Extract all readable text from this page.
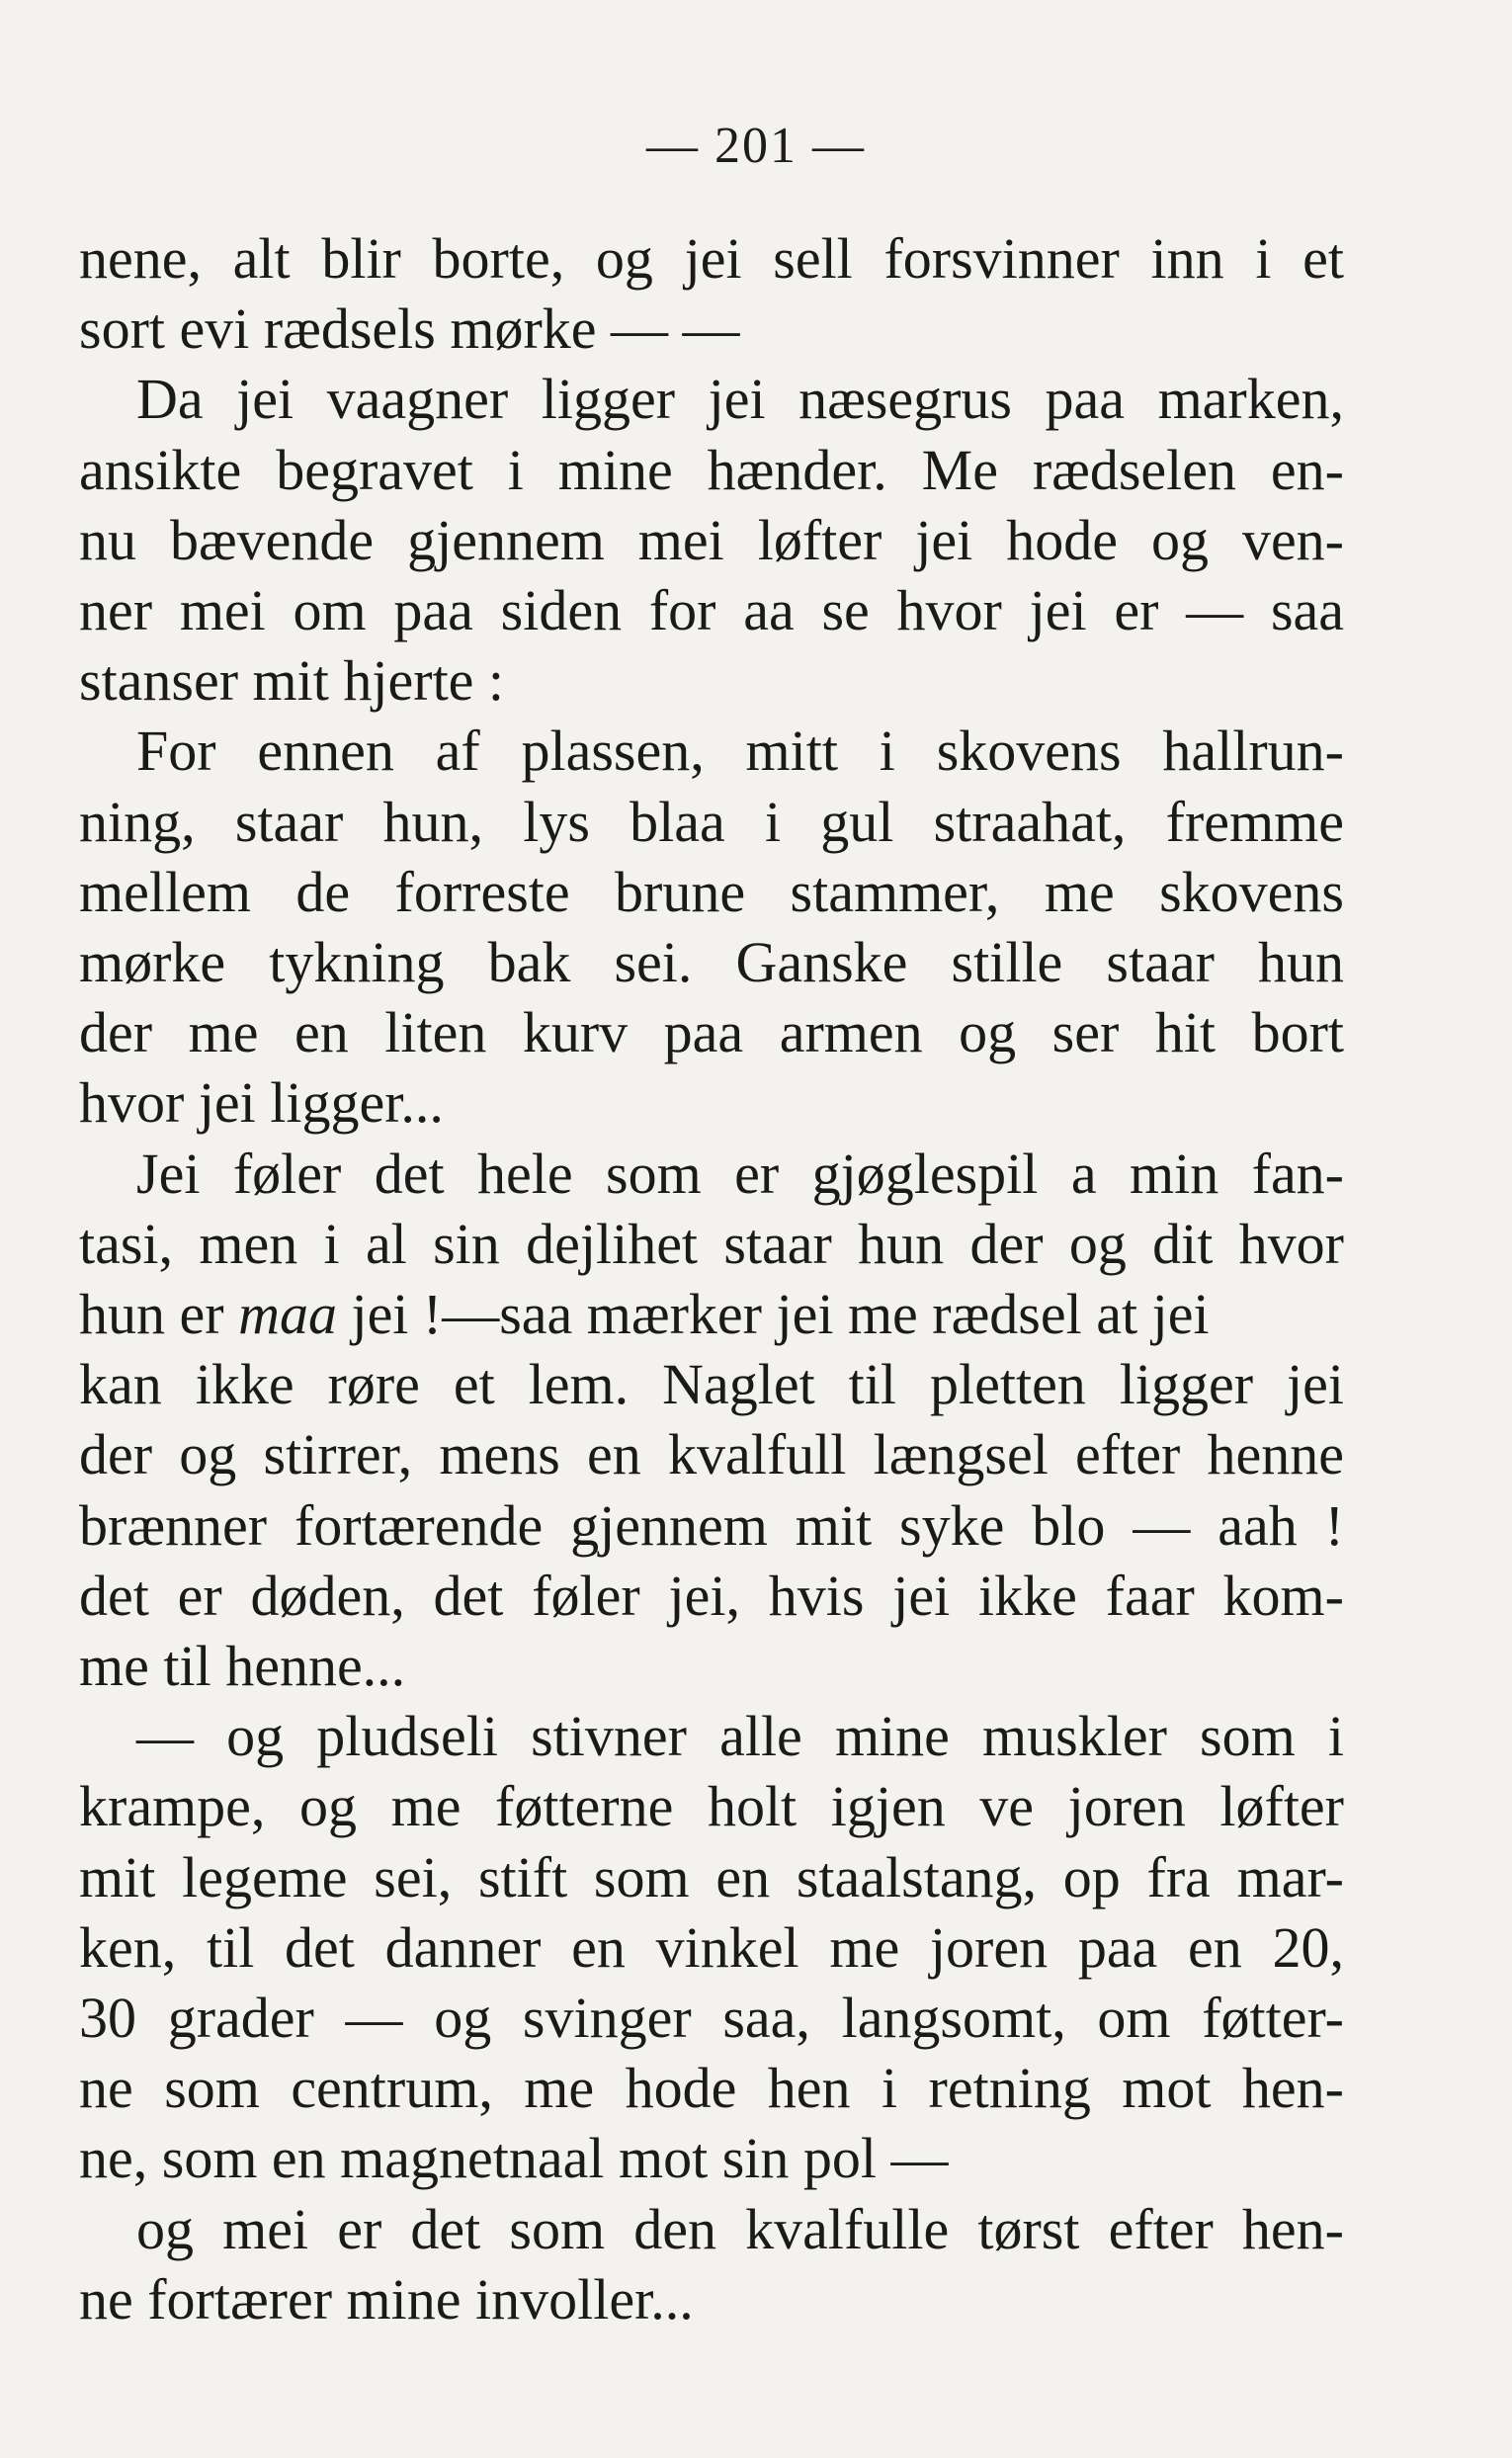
— 201 —
nene, alt blir borte, og jei sell forsvinner inn i et
sort evi rædsels mørke — —
Da jei vaagner ligger jei næsegrus paa marken,
ansikte begravet i mine hænder. Me rædselen en-
nu bævende gjennem mei løfter jei hode og ven-
ner mei om paa siden for aa se hvor jei er — saa
stanser mit hjerte :
For ennen af plassen, mitt i skovens hallrun-
ning, staar hun, lys blaa i gul straahat, fremme
mellem de forreste brune stammer, me skovens
mørke tykning bak sei. Ganske stille staar hun
der me en liten kurv paa armen og ser hit bort
hvor jei ligger...
Jei føler det hele som er gjøglespil a min fan-
tasi, men i al sin dejlihet staar hun der og dit hvor
hun er maa jei !—saa mærker jei me rædsel at jei
kan ikke røre et lem. Naglet til pletten ligger jei
der og stirrer, mens en kvalfull længsel efter henne
brænner fortærende gjennem mit syke blo — aah !
det er døden, det føler jei, hvis jei ikke faar kom-
me til henne...
— og pludseli stivner alle mine muskler som i
krampe, og me føtterne holt igjen ve joren løfter
mit legeme sei, stift som en staalstang, op fra mar-
ken, til det danner en vinkel me joren paa en 20,
30 grader — og svinger saa, langsomt, om føtter-
ne som centrum, me hode hen i retning mot hen-
ne, som en magnetnaal mot sin pol —
og mei er det som den kvalfulle tørst efter hen-
ne fortærer mine involler...
